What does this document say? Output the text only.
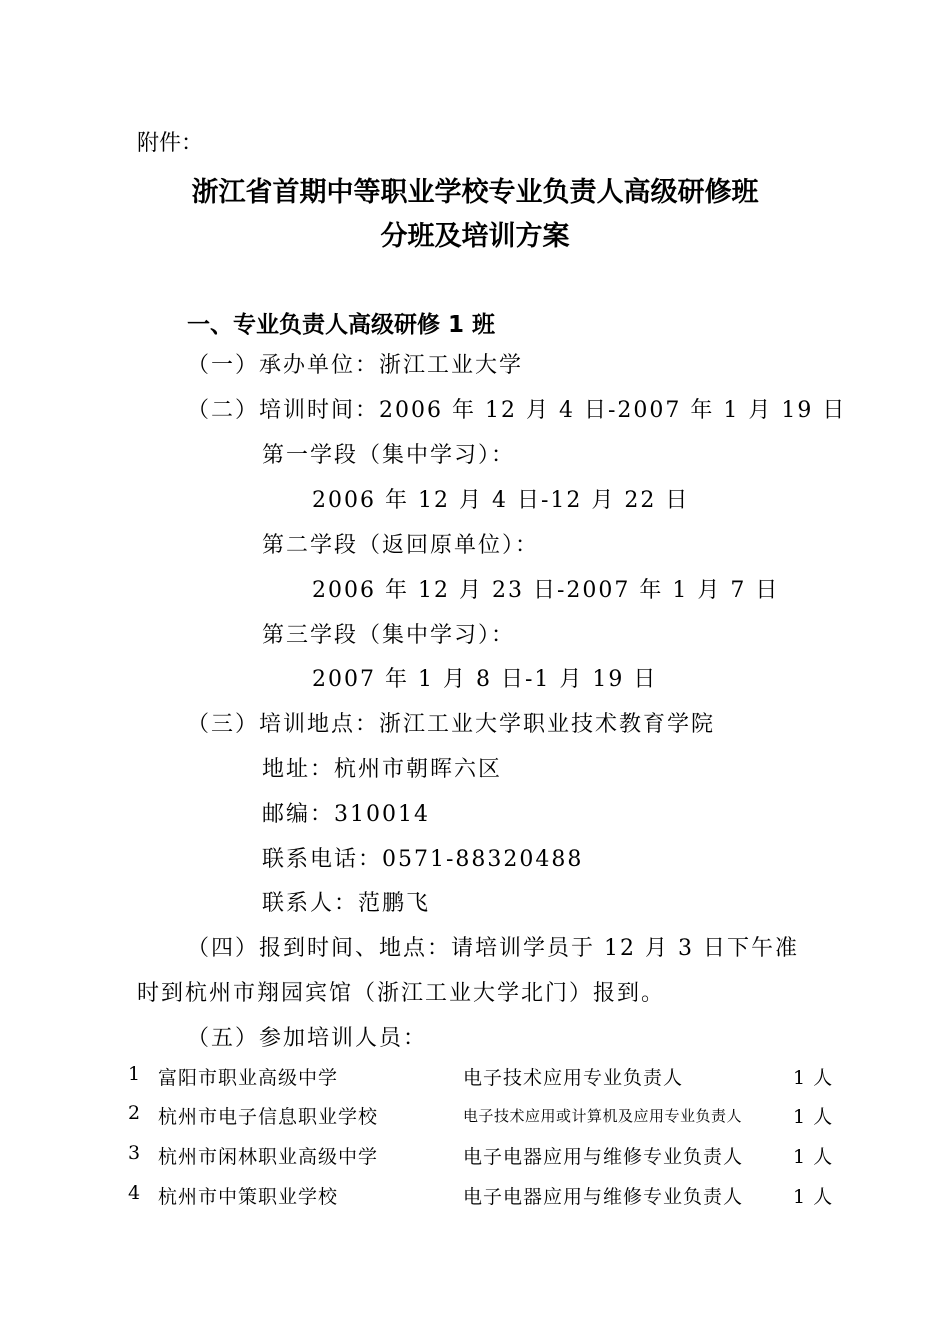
附件：
浙江省首期中等职业学校专业负责人高级研修班
分班及培训方案
一、专业负责人高级研修 1 班
（一）承办单位：浙江工业大学
（二）培训时间：2006 年 12 月 4 日-2007 年 1 月 19 日
第一学段（集中学习）：
2006 年 12 月 4 日-12 月 22 日
第二学段（返回原单位）：
2006 年 12 月 23 日-2007 年 1 月 7 日
第三学段（集中学习）：
2007 年 1 月 8 日-1 月 19 日
（三）培训地点：浙江工业大学职业技术教育学院
地址：杭州市朝晖六区
邮编：310014
联系电话：0571-88320488
联系人：范鹏飞
（四）报到时间、地点：请培训学员于 12 月 3 日下午准
时到杭州市翔园宾馆（浙江工业大学北门）报到。
（五）参加培训人员：
1 富阳市职业高级中学	电子技术应用专业负责人	1 人
2 杭州市电子信息职业学校	电子技术应用或计算机及应用专业负责人	1 人
3 杭州市闲林职业高级中学	电子电器应用与维修专业负责人	1 人
4 杭州市中策职业学校	电子电器应用与维修专业负责人	1 人
